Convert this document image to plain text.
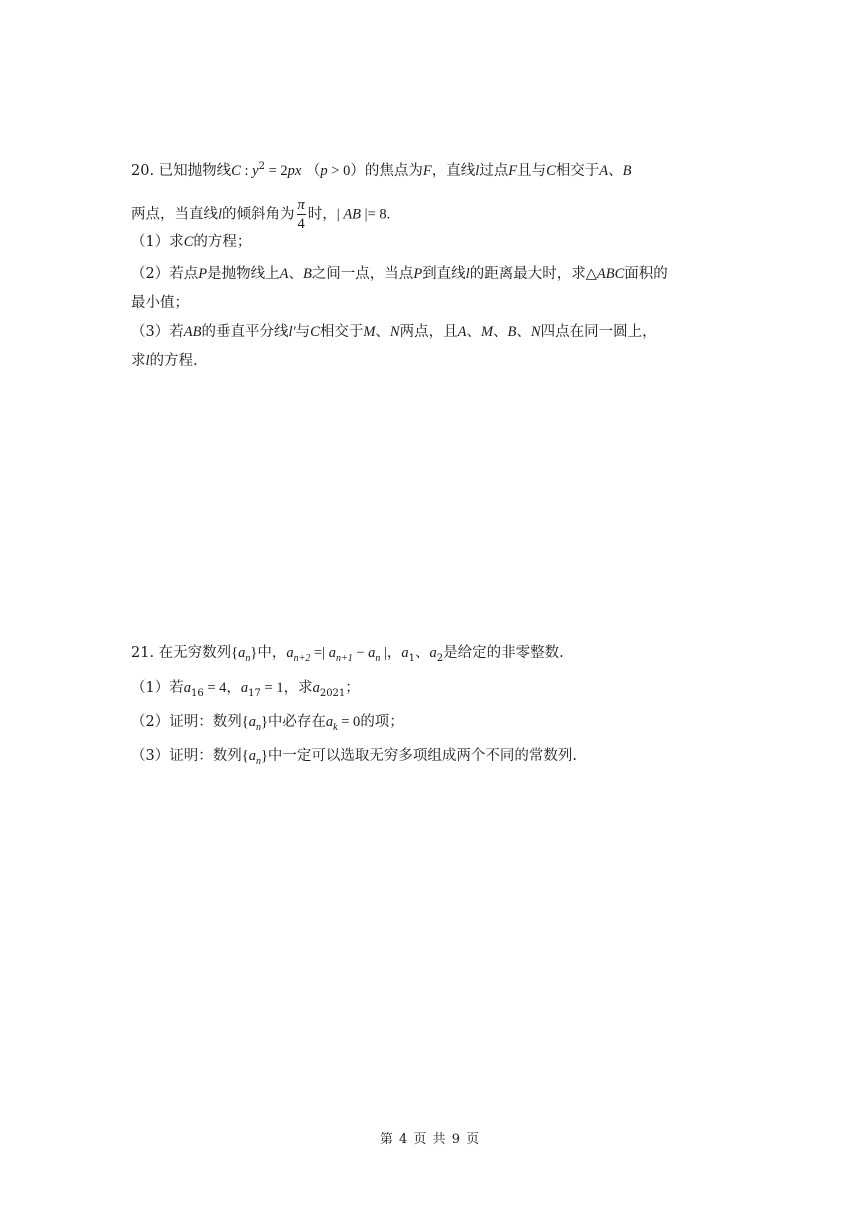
20. 已知抛物线C : $y^2 = 2px$ （p > 0）的焦点为F，直线l过点F且与C相交于A、B
两点，当直线l的倾斜角为 $\frac{\pi}{4}$ 时，| AB |= 8.
（1）求C的方程；
（2）若点P是抛物线上A、B之间一点，当点P到直线l的距离最大时，求△ABC面积的
最小值；
（3）若AB的垂直平分线l′与C相交于M、N两点，且A、M、B、N四点在同一圆上，
求l的方程.
21. 在无穷数列$\{a_n\}$中，$a_{n+2}$ =| $a_{n+1} - a_n$ |，$a_1$、$a_2$是给定的非零整数.
（1）若$a_{16} = 4$，$a_{17} = 1$，求$a_{2021}$；
（2）证明：数列$\{a_n\}$中必存在$a_k = 0$的项；
（3）证明：数列$\{a_n\}$中一定可以选取无穷多项组成两个不同的常数列.
第 4 页 共 9 页
